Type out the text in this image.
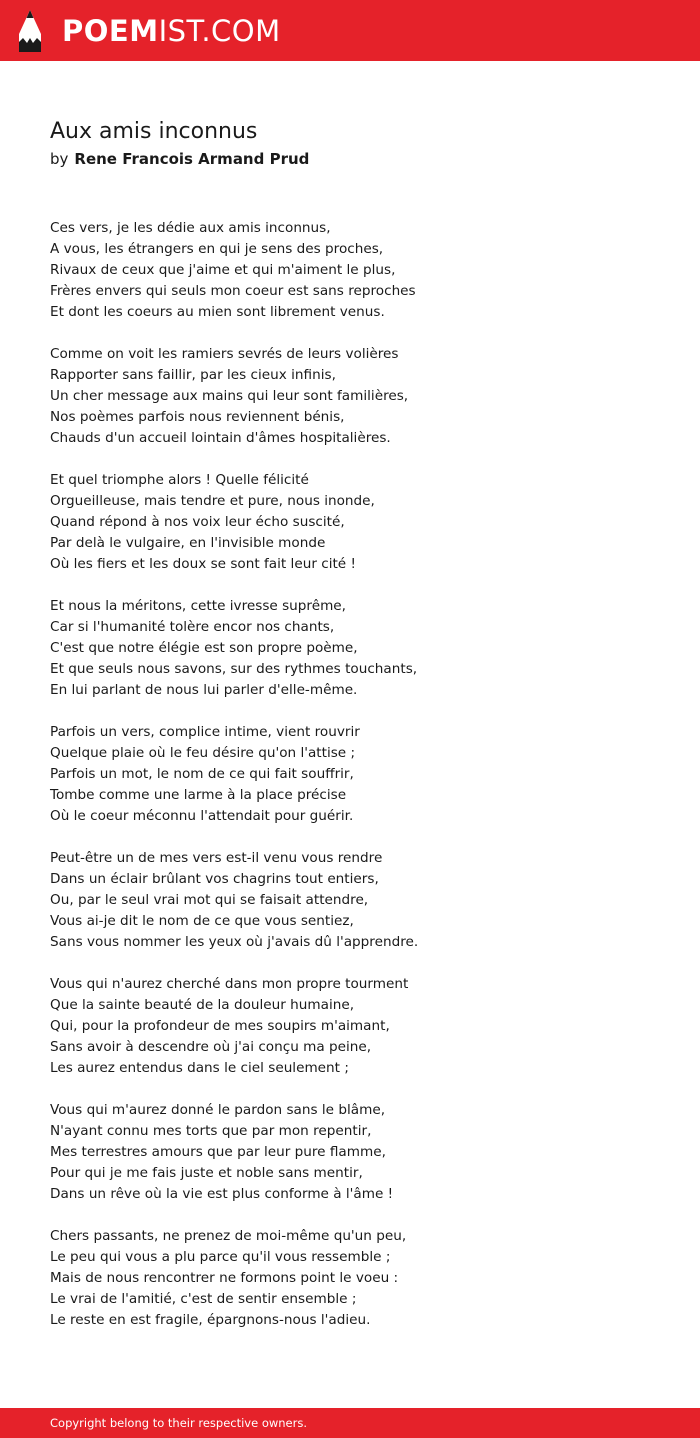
POEMIST.COM
Aux amis inconnus

by Rene Francois Armand Prud

Ces vers, je les dédie aux amis inconnus,
A vous, les étrangers en qui je sens des proches,
Rivaux de ceux que j'aime et qui m'aiment le plus,
Frères envers qui seuls mon coeur est sans reproches
Et dont les coeurs au mien sont librement venus.
Comme on voit les ramiers sevrés de leurs volières
Rapporter sans faillir, par les cieux infinis,
Un cher message aux mains qui leur sont familières,
Nos poèmes parfois nous reviennent bénis,
Chauds d'un accueil lointain d'âmes hospitalières.
Et quel triomphe alors ! Quelle félicité
Orgueilleuse, mais tendre et pure, nous inonde,
Quand répond à nos voix leur écho suscité,
Par delà le vulgaire, en l'invisible monde
Où les fiers et les doux se sont fait leur cité !
Et nous la méritons, cette ivresse suprême,
Car si l'humanité tolère encor nos chants,
C'est que notre élégie est son propre poème,
Et que seuls nous savons, sur des rythmes touchants,
En lui parlant de nous lui parler d'elle-même.
Parfois un vers, complice intime, vient rouvrir
Quelque plaie où le feu désire qu'on l'attise ;
Parfois un mot, le nom de ce qui fait souffrir,
Tombe comme une larme à la place précise
Où le coeur méconnu l'attendait pour guérir.
Peut-être un de mes vers est-il venu vous rendre
Dans un éclair brûlant vos chagrins tout entiers,
Ou, par le seul vrai mot qui se faisait attendre,
Vous ai-je dit le nom de ce que vous sentiez,
Sans vous nommer les yeux où j'avais dû l'apprendre.
Vous qui n'aurez cherché dans mon propre tourment
Que la sainte beauté de la douleur humaine,
Qui, pour la profondeur de mes soupirs m'aimant,
Sans avoir à descendre où j'ai conçu ma peine,
Les aurez entendus dans le ciel seulement ;
Vous qui m'aurez donné le pardon sans le blâme,
N'ayant connu mes torts que par mon repentir,
Mes terrestres amours que par leur pure flamme,
Pour qui je me fais juste et noble sans mentir,
Dans un rêve où la vie est plus conforme à l'âme !
Chers passants, ne prenez de moi-même qu'un peu,
Le peu qui vous a plu parce qu'il vous ressemble ;
Mais de nous rencontrer ne formons point le voeu :
Le vrai de l'amitié, c'est de sentir ensemble ;
Le reste en est fragile, épargnons-nous l'adieu.
Copyright belong to their respective owners.
